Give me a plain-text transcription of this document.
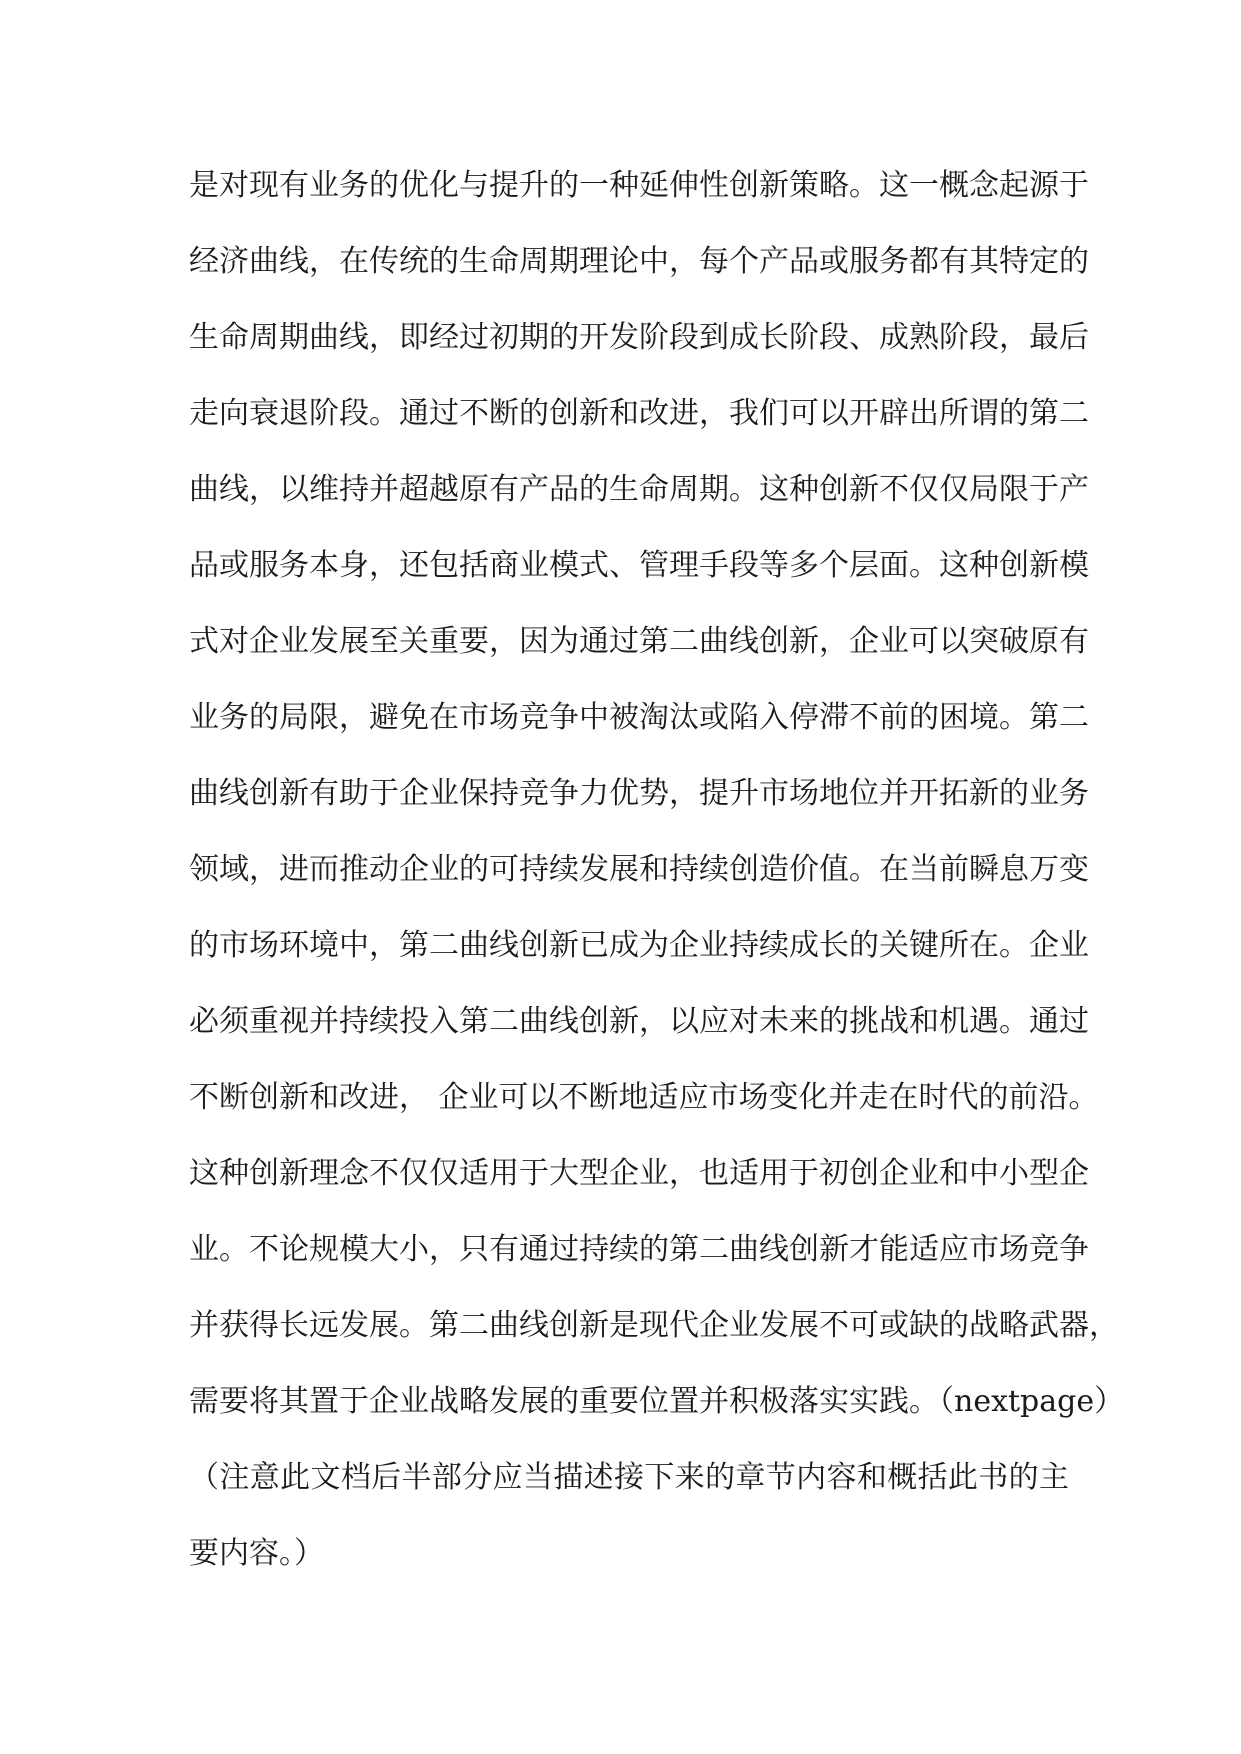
是对现有业务的优化与提升的一种延伸性创新策略。这一概念起源于
经济曲线，在传统的生命周期理论中，每个产品或服务都有其特定的
生命周期曲线，即经过初期的开发阶段到成长阶段、成熟阶段，最后
走向衰退阶段。通过不断的创新和改进，我们可以开辟出所谓的第二
曲线，以维持并超越原有产品的生命周期。这种创新不仅仅局限于产
品或服务本身，还包括商业模式、管理手段等多个层面。这种创新模
式对企业发展至关重要，因为通过第二曲线创新，企业可以突破原有
业务的局限，避免在市场竞争中被淘汰或陷入停滞不前的困境。第二
曲线创新有助于企业保持竞争力优势，提升市场地位并开拓新的业务
领域，进而推动企业的可持续发展和持续创造价值。在当前瞬息万变
的市场环境中，第二曲线创新已成为企业持续成长的关键所在。企业
必须重视并持续投入第二曲线创新，以应对未来的挑战和机遇。通过
不断创新和改进， 企业可以不断地适应市场变化并走在时代的前沿。
这种创新理念不仅仅适用于大型企业，也适用于初创企业和中小型企
业。不论规模大小，只有通过持续的第二曲线创新才能适应市场竞争
并获得长远发展。第二曲线创新是现代企业发展不可或缺的战略武器，
需要将其置于企业战略发展的重要位置并积极落实实践。（nextpage）
（注意此文档后半部分应当描述接下来的章节内容和概括此书的主
要内容。）
